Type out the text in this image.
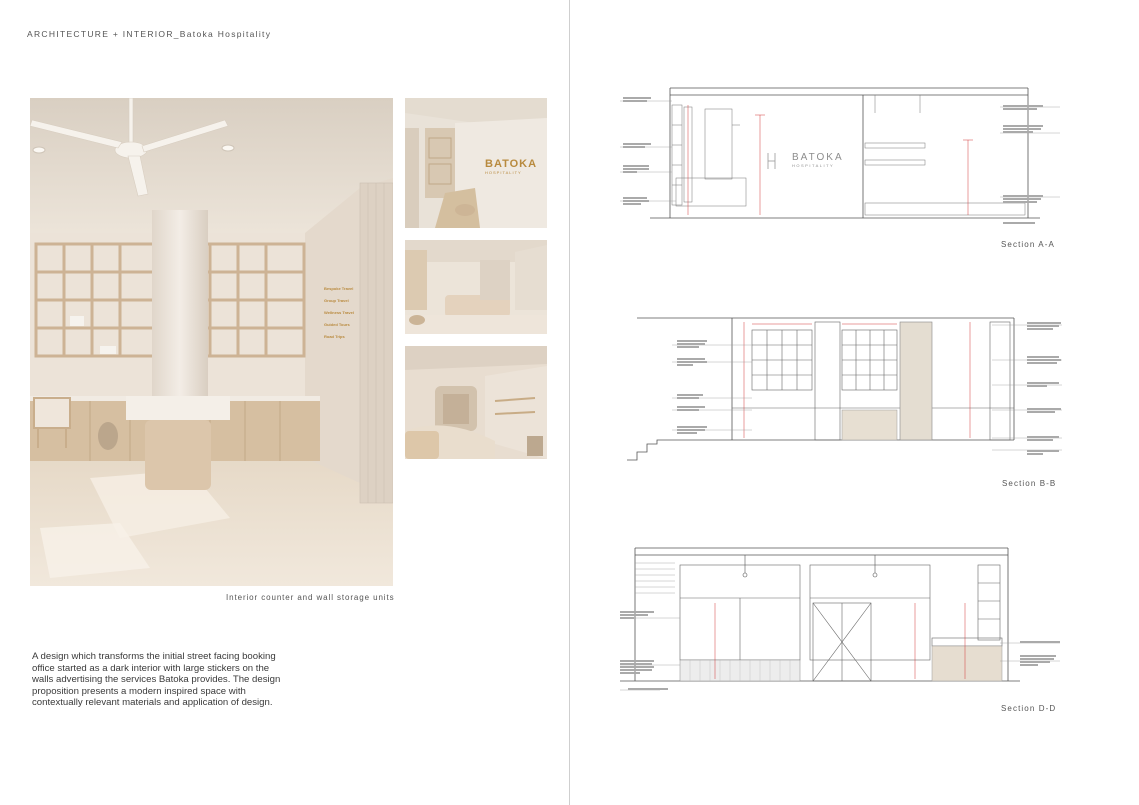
ARCHITECTURE + INTERIOR_Batoka Hospitality
Bespoke Travel
Group Travel
Wellness Travel
Guided Tours
Road Trips
BATOKA
HOSPITALITY
Interior counter and wall storage units
A design which transforms the initial street facing booking office started as a dark interior with large stickers on the walls advertising the services Batoka provides. The design proposition presents a modern inspired space with contextually relevant materials and application of design.
BATOKA
HOSPITALITY
Section A-A
Section B-B
Section D-D
